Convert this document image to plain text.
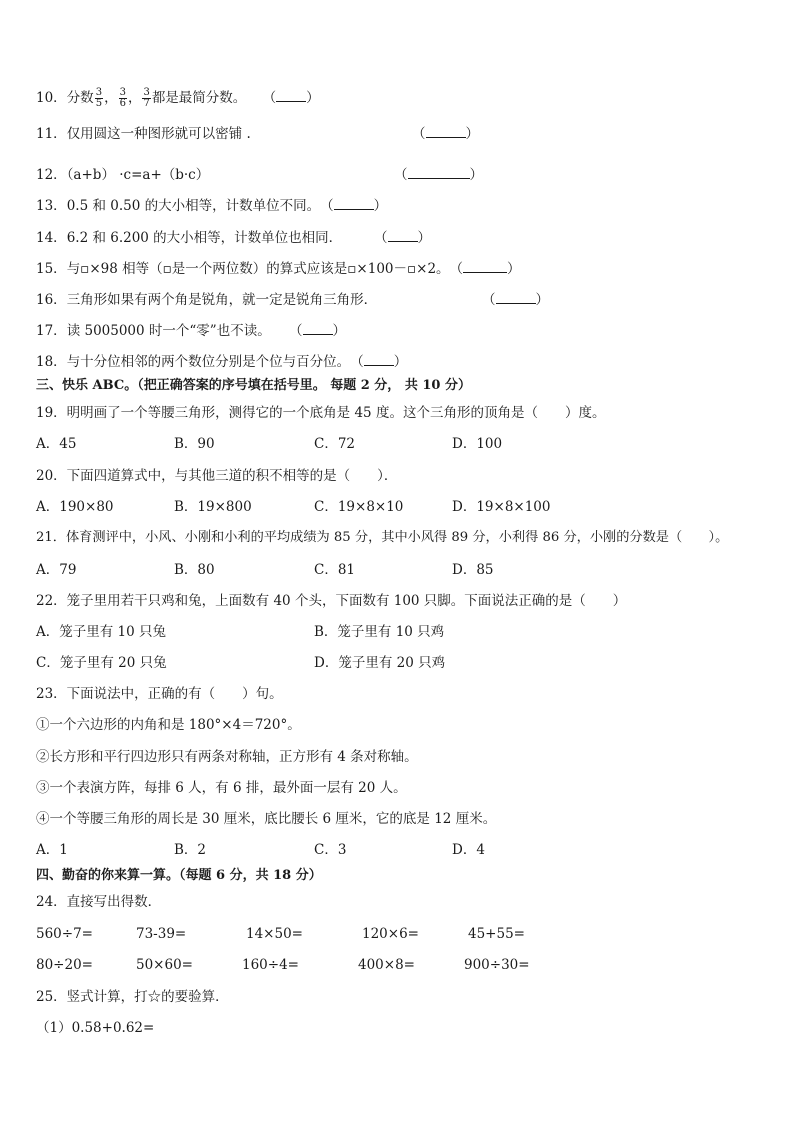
10．分数 $\frac{3}{5}$ ， $\frac{3}{6}$ ， $\frac{3}{7}$ 都是最简分数。 （ ）
11．仅用圆这一种图形就可以密铺 .	（	）
12．（a+b） ·c=a+（b·c）	（	）
13．0.5 和 0.50 的大小相等，计数单位不同。（	）
14．6.2 和 6.200 的大小相等，计数单位也相同． （ ）
15．与▫×98 相等（▫是一个两位数）的算式应该是▫×100－▫×2。（	）
16．三角形如果有两个角是锐角，就一定是锐角三角形．	（	）
17．读 5005000 时一个“零”也不读。 （ ）
18．与十分位相邻的两个数位分别是个位与百分位。（ ）
三、快乐 ABC。（把正确答案的序号填在括号里。 每题 2 分， 共 10 分）
19．明明画了一个等腰三角形，测得它的一个底角是 45 度。这个三角形的顶角是（　　）度。
A．45	B．90	C．72	D．100
20．下面四道算式中，与其他三道的积不相等的是（　　）．
A．190×80	B．19×800	C．19×8×10	D．19×8×100
21．体育测评中，小风、小刚和小利的平均成绩为 85 分，其中小风得 89 分，小利得 86 分，小刚的分数是（　　）。
A．79	B．80	C．81	D．85
22．笼子里用若干只鸡和兔，上面数有 40 个头，下面数有 100 只脚。下面说法正确的是（　　）
A．笼子里有 10 只兔	B．笼子里有 10 只鸡
C．笼子里有 20 只兔	D．笼子里有 20 只鸡
23．下面说法中，正确的有（　　）句。
①一个六边形的内角和是 180°×4＝720°。
②长方形和平行四边形只有两条对称轴，正方形有 4 条对称轴。
③一个表演方阵，每排 6 人，有 6 排，最外面一层有 20 人。
④一个等腰三角形的周长是 30 厘米，底比腰长 6 厘米，它的底是 12 厘米。
A．1	B．2	C．3	D．4
四、勤奋的你来算一算。（每题 6 分，共 18 分）
24．直接写出得数．
560÷7=	73-39=	14×50=	120×6=	45+55=
80÷20=	50×60=	160÷4=	400×8=	900÷30=
25．竖式计算，打☆的要验算．
（1）0.58+0.62=
